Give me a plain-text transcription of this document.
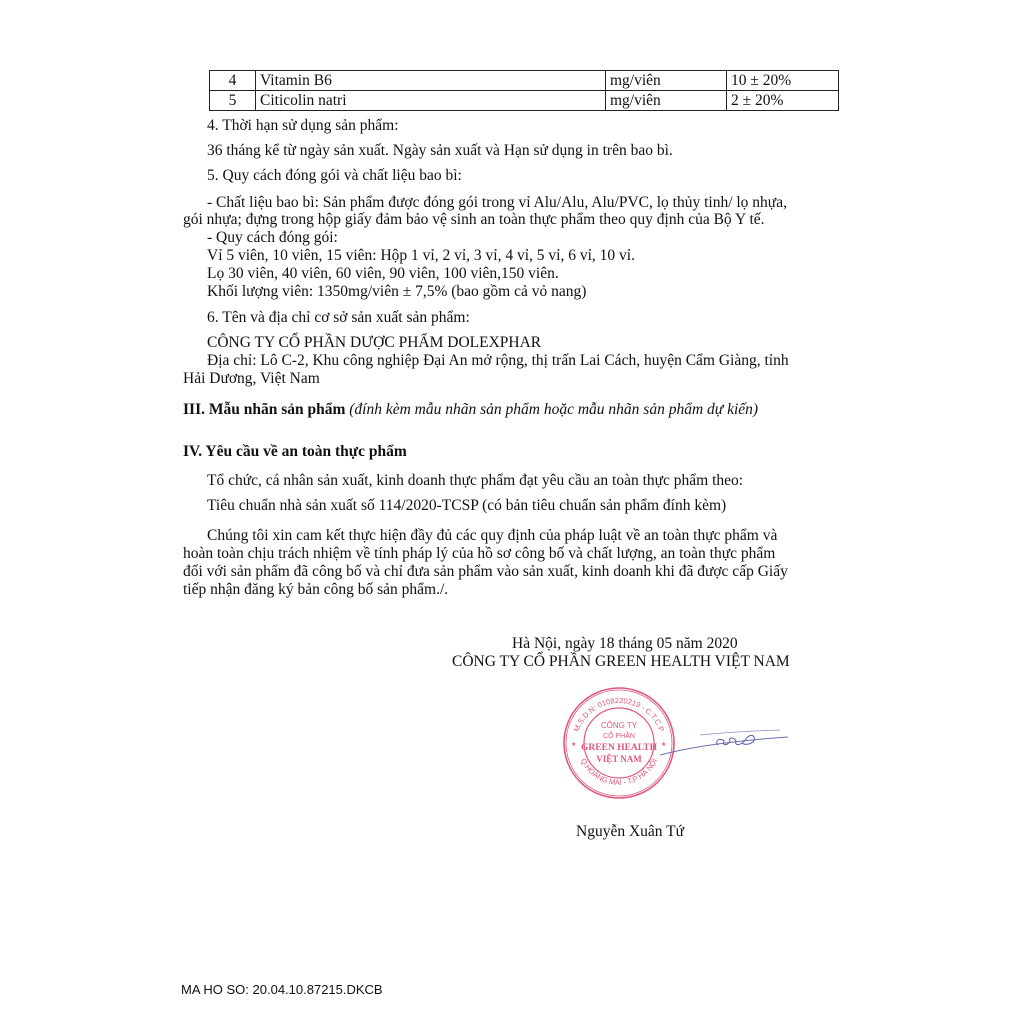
4	Vitamin B6	mg/viên	10 ± 20%
5	Citicolin natri	mg/viên	2 ± 20%
4. Thời hạn sử dụng sản phẩm:
36 tháng kể từ ngày sản xuất. Ngày sản xuất và Hạn sử dụng in trên bao bì.
5. Quy cách đóng gói và chất liệu bao bì:
- Chất liệu bao bì: Sản phẩm được đóng gói trong vỉ Alu/Alu, Alu/PVC, lọ thủy tinh/ lọ nhựa,
gói nhựa; đựng trong hộp giấy đảm bảo vệ sinh an toàn thực phẩm theo quy định của Bộ Y tế.
- Quy cách đóng gói:
Vỉ 5 viên, 10 viên, 15 viên: Hộp 1 vỉ, 2 vỉ, 3 vỉ, 4 vỉ, 5 vỉ, 6 vỉ, 10 vỉ.
Lọ 30 viên, 40 viên, 60 viên, 90 viên, 100 viên,150 viên.
Khối lượng viên: 1350mg/viên ± 7,5% (bao gồm cả vỏ nang)
6. Tên và địa chỉ cơ sở sản xuất sản phẩm:
CÔNG TY CỔ PHẦN DƯỢC PHẨM DOLEXPHAR
Địa chỉ: Lô C-2, Khu công nghiệp Đại An mở rộng, thị trấn Lai Cách, huyện Cẩm Giàng, tỉnh
Hải Dương, Việt Nam
III. Mẫu nhãn sản phẩm (đính kèm mẫu nhãn sản phẩm hoặc mẫu nhãn sản phẩm dự kiến)
IV. Yêu cầu về an toàn thực phẩm
Tổ chức, cá nhân sản xuất, kinh doanh thực phẩm đạt yêu cầu an toàn thực phẩm theo:
Tiêu chuẩn nhà sản xuất số 114/2020-TCSP (có bản tiêu chuẩn sản phẩm đính kèm)
Chúng tôi xin cam kết thực hiện đầy đủ các quy định của pháp luật về an toàn thực phẩm và
hoàn toàn chịu trách nhiệm về tính pháp lý của hồ sơ công bố và chất lượng, an toàn thực phẩm
đối với sản phẩm đã công bố và chỉ đưa sản phẩm vào sản xuất, kinh doanh khi đã được cấp Giấy
tiếp nhận đăng ký bản công bố sản phẩm./.
Hà Nội, ngày 18 tháng 05 năm 2020
CÔNG TY CỔ PHẦN GREEN HEALTH VIỆT NAM
M.S.D.N: 0108220219 - C.T.C.P
Q.HOÀNG MAI - T.P HÀ NỘI
CÔNG TY
CỔ PHẦN
GREEN HEALTH
VIỆT NAM
★	★
Nguyễn Xuân Tứ
MA HO SO: 20.04.10.87215.DKCB
